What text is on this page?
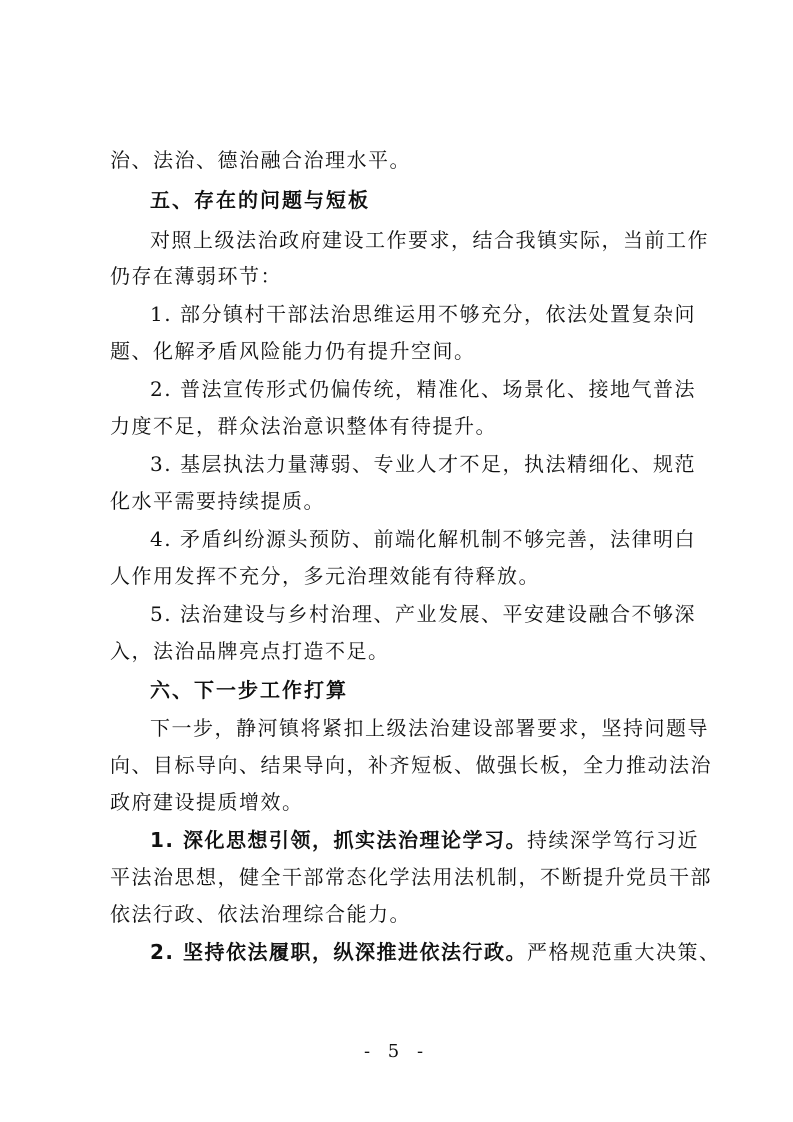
治、法治、德治融合治理水平。
五、存在的问题与短板
对照上级法治政府建设工作要求，结合我镇实际，当前工作
仍存在薄弱环节：
1. 部分镇村干部法治思维运用不够充分，依法处置复杂问
题、化解矛盾风险能力仍有提升空间。
2. 普法宣传形式仍偏传统，精准化、场景化、接地气普法
力度不足，群众法治意识整体有待提升。
3. 基层执法力量薄弱、专业人才不足，执法精细化、规范
化水平需要持续提质。
4. 矛盾纠纷源头预防、前端化解机制不够完善，法律明白
人作用发挥不充分，多元治理效能有待释放。
5. 法治建设与乡村治理、产业发展、平安建设融合不够深
入，法治品牌亮点打造不足。
六、下一步工作打算
下一步，静河镇将紧扣上级法治建设部署要求，坚持问题导
向、目标导向、结果导向，补齐短板、做强长板，全力推动法治
政府建设提质增效。
1. 深化思想引领，抓实法治理论学习。持续深学笃行习近
平法治思想，健全干部常态化学法用法机制，不断提升党员干部
依法行政、依法治理综合能力。
2. 坚持依法履职，纵深推进依法行政。严格规范重大决策、
- 5 -
